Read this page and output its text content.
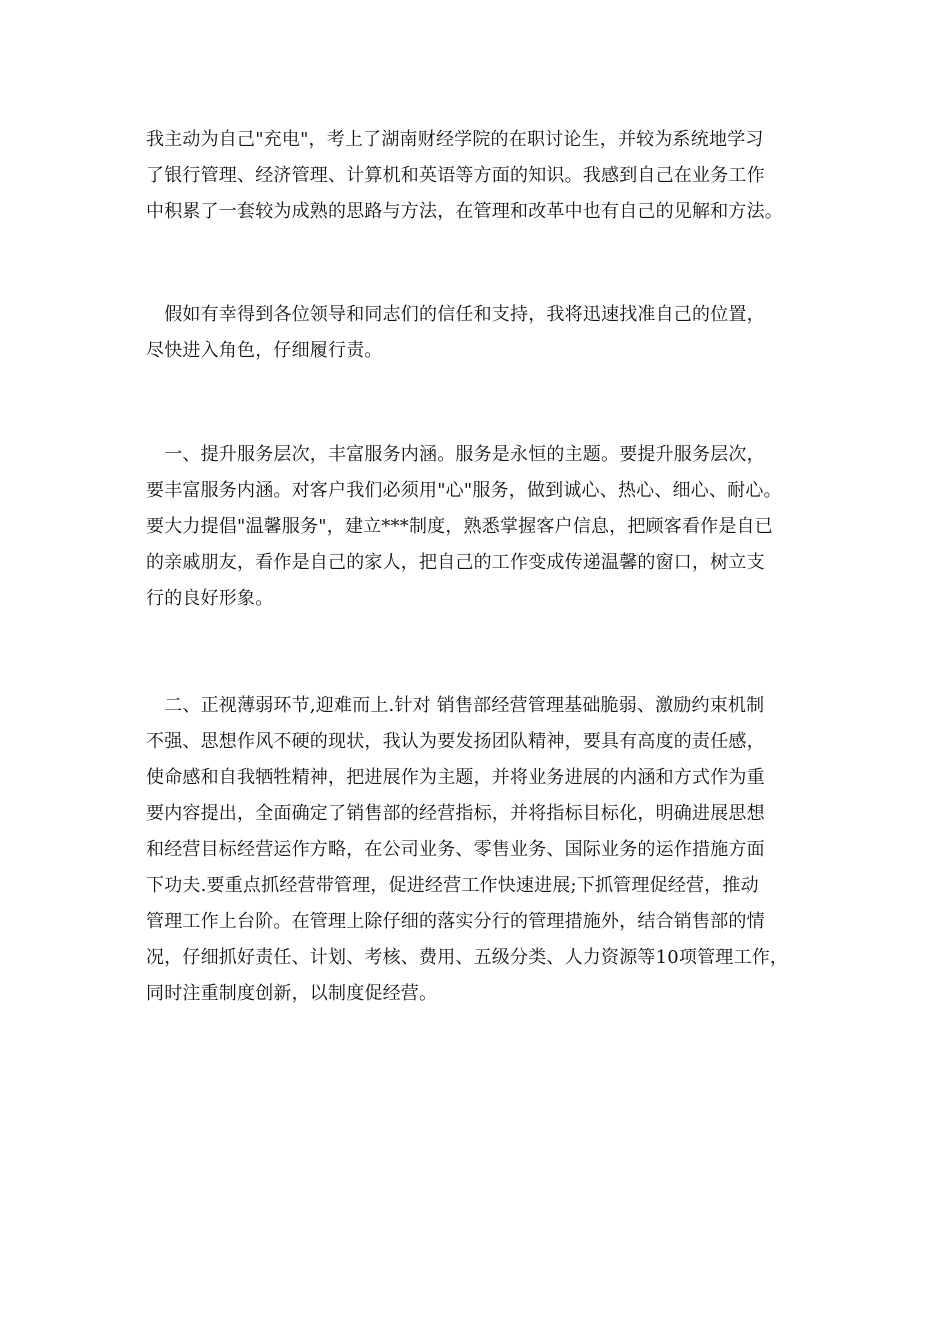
我主动为自己"充电"，考上了湖南财经学院的在职讨论生，并较为系统地学习
了银行管理、经济管理、计算机和英语等方面的知识。我感到自己在业务工作
中积累了一套较为成熟的思路与方法，在管理和改革中也有自己的见解和方法。
　假如有幸得到各位领导和同志们的信任和支持，我将迅速找准自己的位置，
尽快进入角色，仔细履行责。
　一、提升服务层次，丰富服务内涵。服务是永恒的主题。要提升服务层次，
要丰富服务内涵。对客户我们必须用"心"服务，做到诚心、热心、细心、耐心。
要大力提倡"温馨服务"，建立***制度，熟悉掌握客户信息，把顾客看作是自已
的亲戚朋友，看作是自己的家人，把自己的工作变成传递温馨的窗口，树立支
行的良好形象。
　二、正视薄弱环节,迎难而上.针对 销售部经营管理基础脆弱、激励约束机制
不强、思想作风不硬的现状，我认为要发扬团队精神，要具有高度的责任感，
使命感和自我牺牲精神，把进展作为主题，并将业务进展的内涵和方式作为重
要内容提出，全面确定了销售部的经营指标，并将指标目标化，明确进展思想
和经营目标经营运作方略，在公司业务、零售业务、国际业务的运作措施方面
下功夫.要重点抓经营带管理，促进经营工作快速进展;下抓管理促经营，推动
管理工作上台阶。在管理上除仔细的落实分行的管理措施外，结合销售部的情
况，仔细抓好责任、计划、考核、费用、五级分类、人力资源等10项管理工作，
同时注重制度创新，以制度促经营。
